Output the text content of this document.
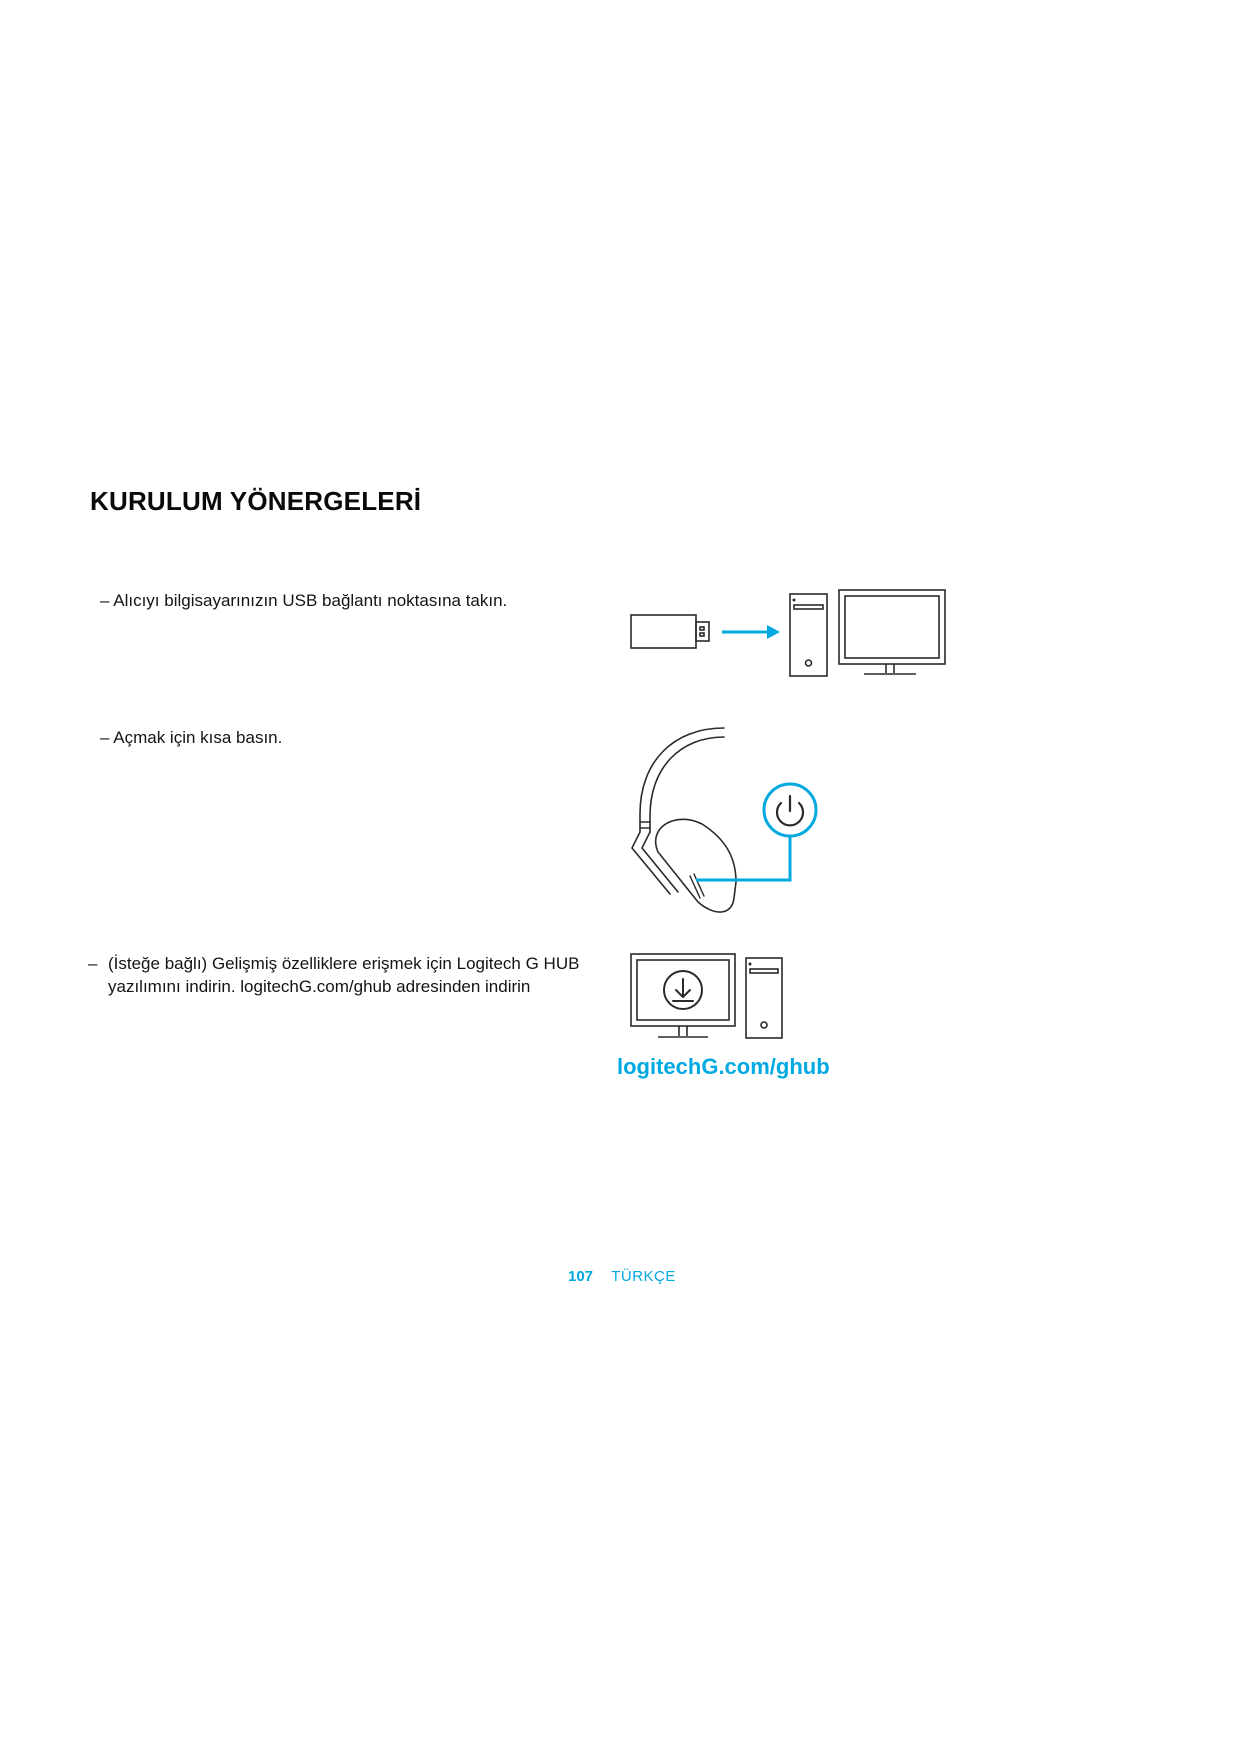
KURULUM YÖNERGELERİ
– Alıcıyı bilgisayarınızın USB bağlantı noktasına takın.
– Açmak için kısa basın.
– (İsteğe bağlı) Gelişmiş özelliklere erişmek için Logitech G HUB yazılımını indirin. logitechG.com/ghub adresinden indirin
logitechG.com/ghub
107 TÜRKÇE
